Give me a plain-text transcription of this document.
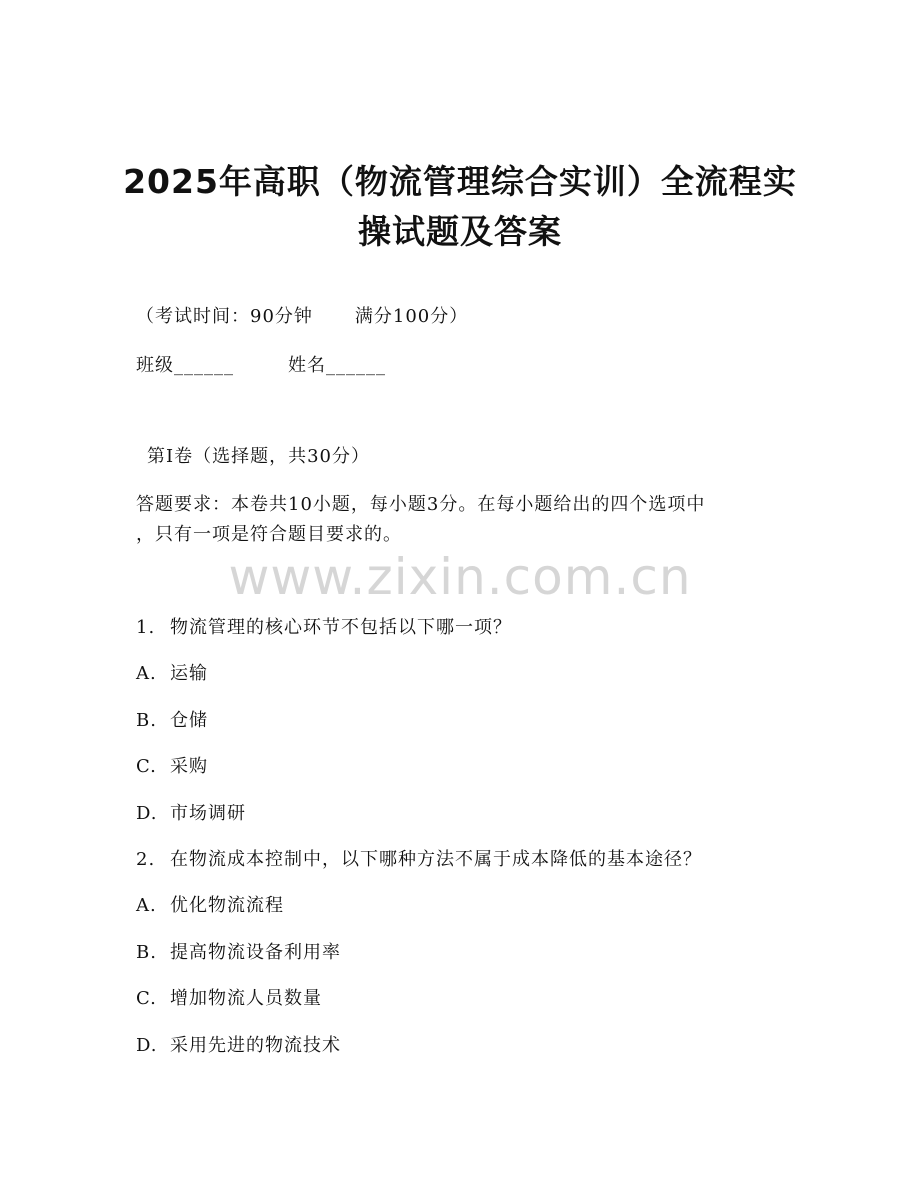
2025年高职（物流管理综合实训）全流程实
操试题及答案
（考试时间：90分钟 满分100分）
班级______	姓名______
第Ⅰ卷（选择题，共30分）
答题要求：本卷共10小题，每小题3分。在每小题给出的四个选项中
，只有一项是符合题目要求的。
www.zixin.com.cn
1. 物流管理的核心环节不包括以下哪一项？
A. 运输
B. 仓储
C. 采购
D. 市场调研
2. 在物流成本控制中，以下哪种方法不属于成本降低的基本途径？
A. 优化物流流程
B. 提高物流设备利用率
C. 增加物流人员数量
D. 采用先进的物流技术
